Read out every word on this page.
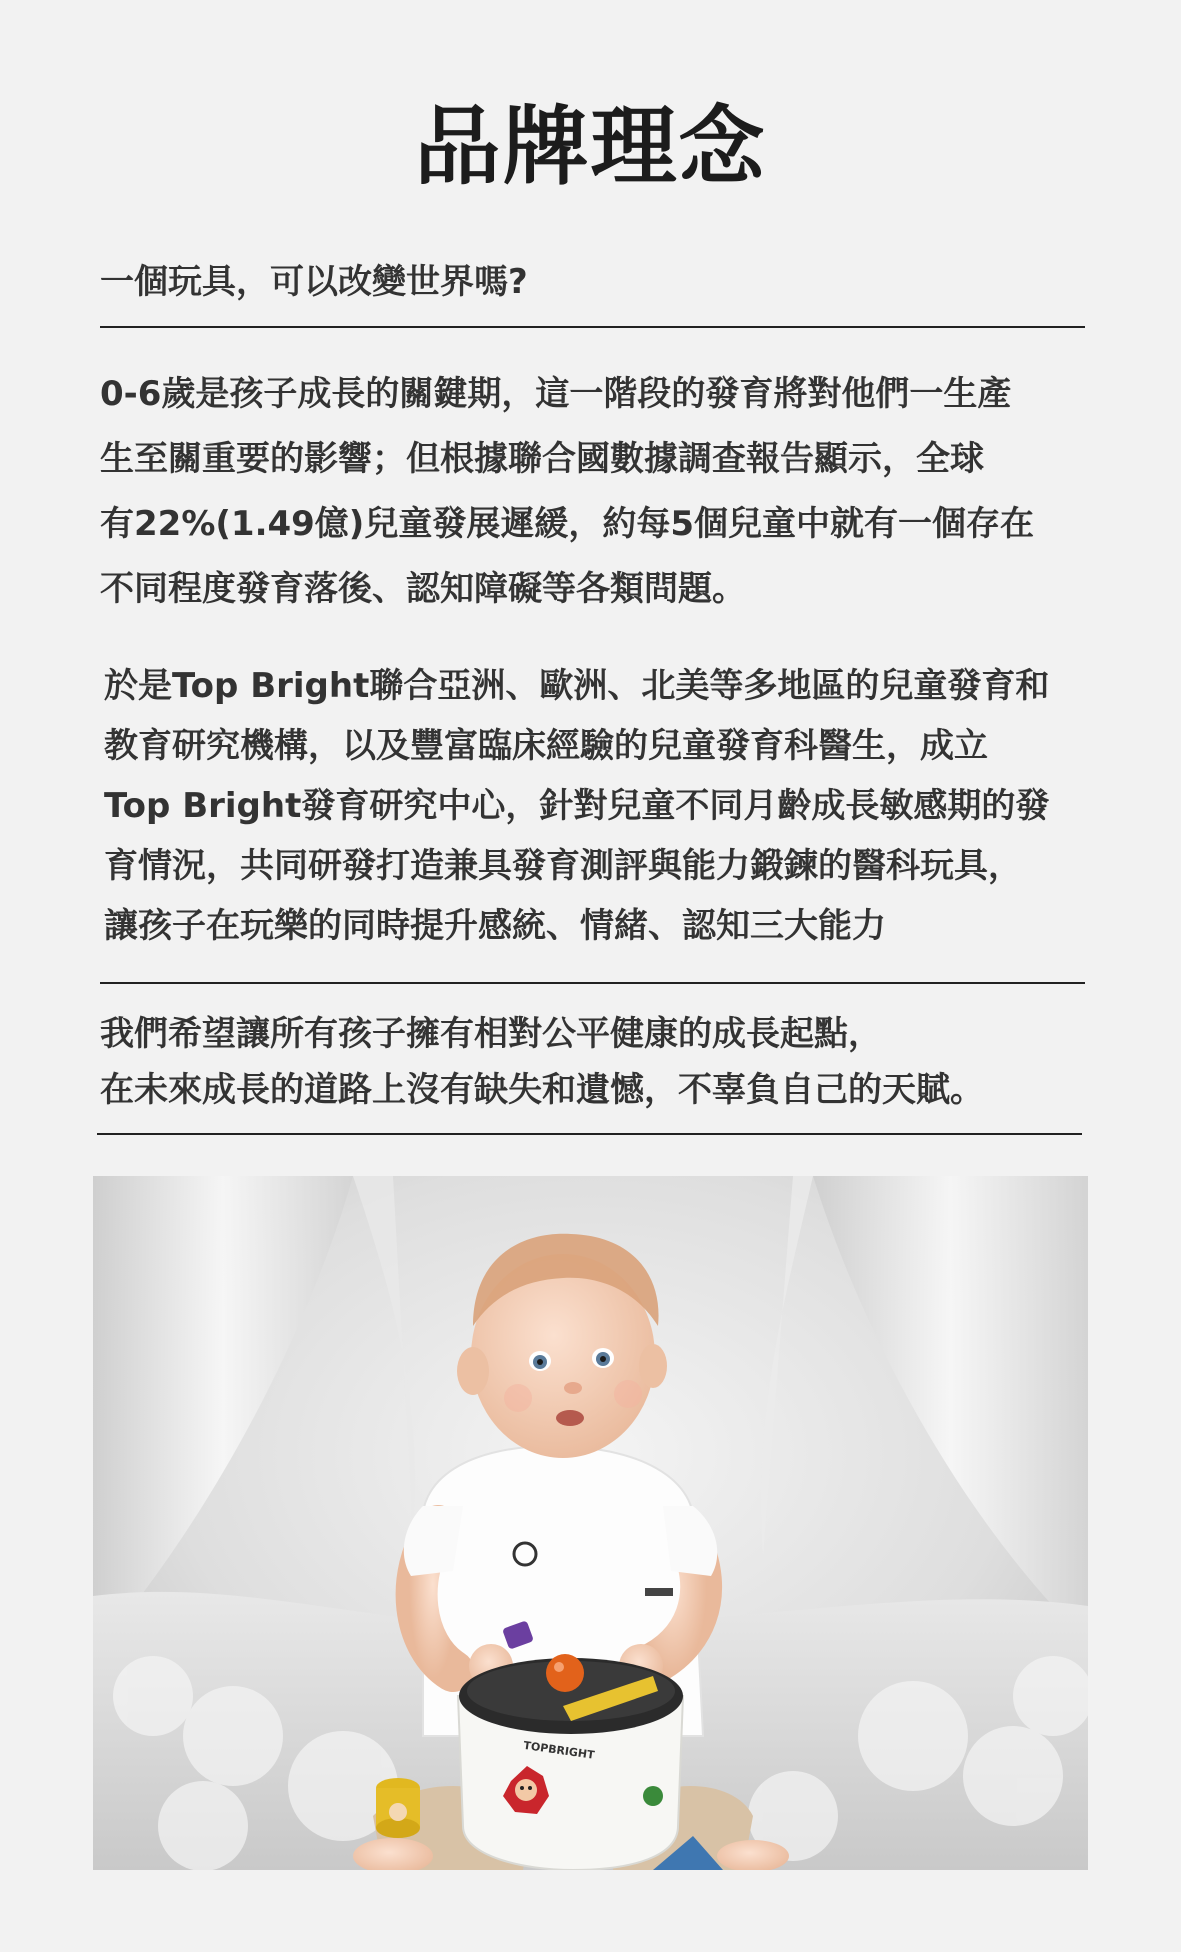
品牌理念
一個玩具，可以改變世界嗎?
0-6歲是孩子成長的關鍵期，這一階段的發育將對他們一生產
生至關重要的影響；但根據聯合國數據調查報告顯示，全球
有22%(1.49億)兒童發展遲緩，約每5個兒童中就有一個存在
不同程度發育落後、認知障礙等各類問題。
於是Top Bright聯合亞洲、歐洲、北美等多地區的兒童發育和
教育研究機構，以及豐富臨床經驗的兒童發育科醫生，成立
Top Bright發育研究中心，針對兒童不同月齡成長敏感期的發
育情況，共同研發打造兼具發育測評與能力鍛鍊的醫科玩具，
讓孩子在玩樂的同時提升感統、情緒、認知三大能力
我們希望讓所有孩子擁有相對公平健康的成長起點，
在未來成長的道路上沒有缺失和遺憾，不辜負自己的天賦。
TOPBRIGHT
